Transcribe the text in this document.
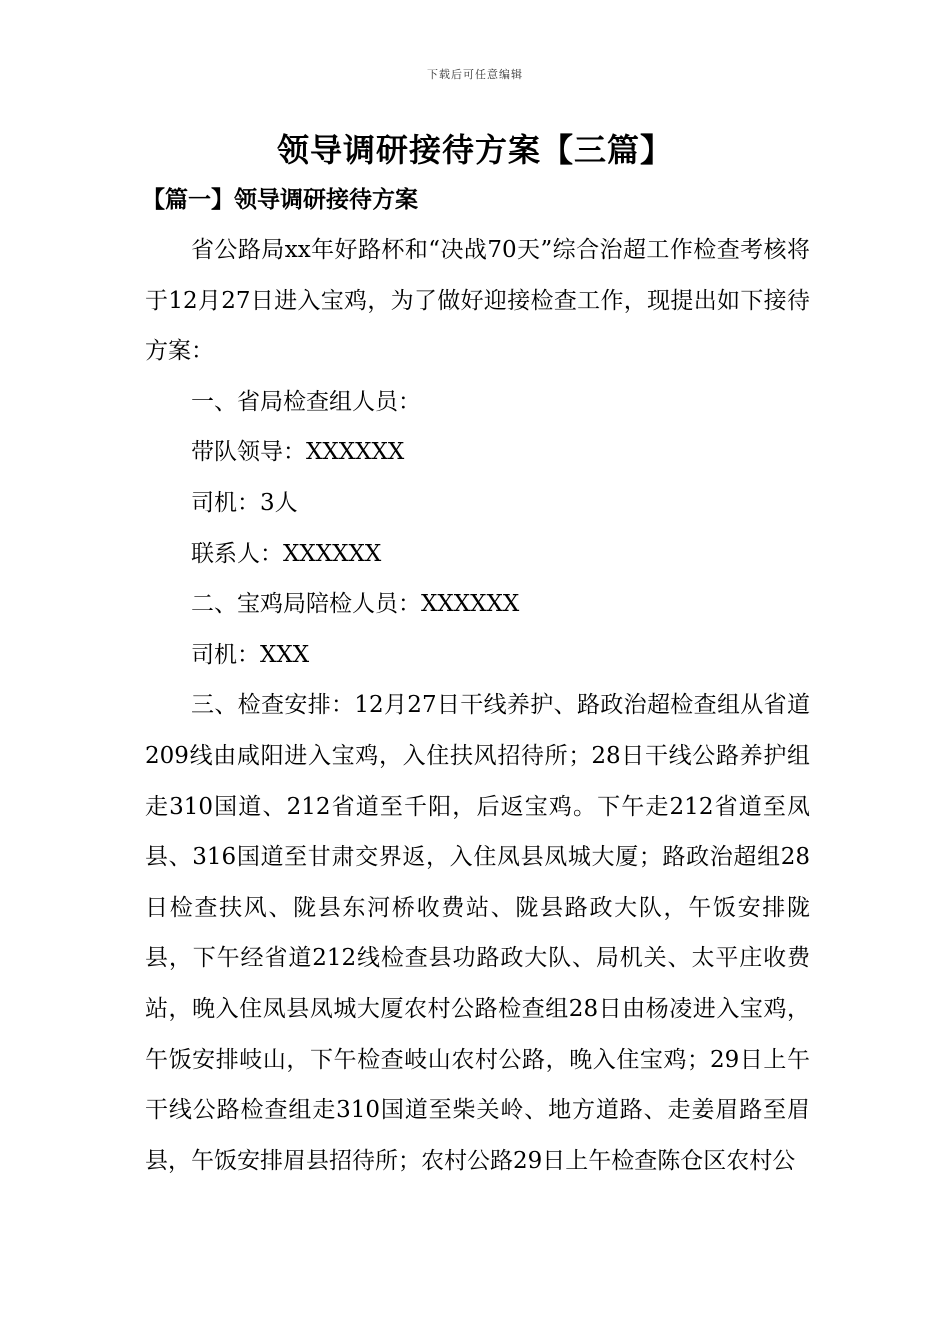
下载后可任意编辑
领导调研接待方案【三篇】
【篇一】领导调研接待方案

省公路局xx年好路杯和“决战70天”综合治超工作检查考核将于12月27日进入宝鸡，为了做好迎接检查工作，现提出如下接待方案：

一、省局检查组人员：

带队领导：XXXXXX

司机：3人

联系人：XXXXXX

二、宝鸡局陪检人员：XXXXXX

司机：XXX

三、检查安排：12月27日干线养护、路政治超检查组从省道209线由咸阳进入宝鸡，入住扶风招待所；28日干线公路养护组走310国道、212省道至千阳，后返宝鸡。下午走212省道至凤县、316国道至甘肃交界返，入住凤县凤城大厦；路政治超组28日检查扶风、陇县东河桥收费站、陇县路政大队，午饭安排陇县，下午经省道212线检查县功路政大队、局机关、太平庄收费站，晚入住凤县凤城大厦农村公路检查组28日由杨凌进入宝鸡，午饭安排岐山，下午检查岐山农村公路，晚入住宝鸡；29日上午干线公路检查组走310国道至柴关岭、地方道路、走姜眉路至眉县，午饭安排眉县招待所；农村公路29日上午检查陈仓区农村公
